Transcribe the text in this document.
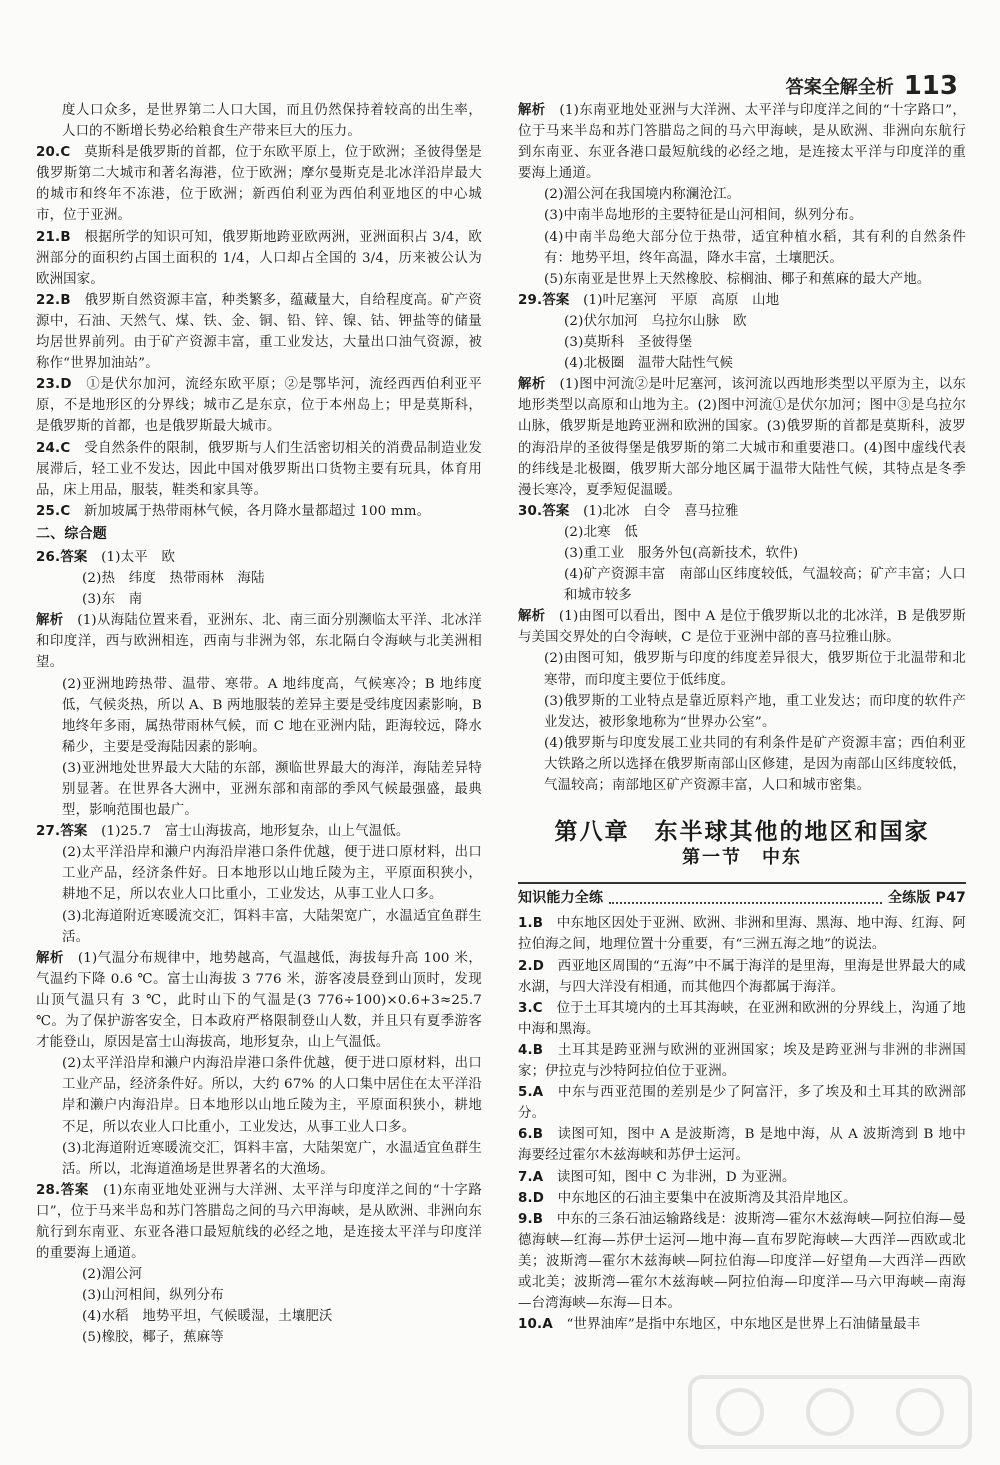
答案全解全析 113

度人口众多，是世界第二人口大国，而且仍然保持着较高的出生率，人口的不断增长势必给粮食生产带来巨大的压力。

20.C　 莫斯科是俄罗斯的首都，位于东欧平原上，位于欧洲；圣彼得堡是俄罗斯第二大城市和著名海港，位于欧洲；摩尔曼斯克是北冰洋沿岸最大的城市和终年不冻港，位于欧洲；新西伯利亚为西伯利亚地区的中心城市，位于亚洲。

21.B　 根据所学的知识可知，俄罗斯地跨亚欧两洲，亚洲面积占 3/4，欧洲部分的面积约占国土面积的 1/4，人口却占全国的 3/4，历来被公认为欧洲国家。

22.B　 俄罗斯自然资源丰富，种类繁多，蕴藏量大，自给程度高。矿产资源中，石油、天然气、煤、铁、金、铜、铅、锌、镍、钴、钾盐等的储量均居世界前列。由于矿产资源丰富，重工业发达，大量出口油气资源，被称作“世界加油站”。

23.D　 ①是伏尔加河，流经东欧平原；②是鄂毕河，流经西西伯利亚平原，不是地形区的分界线；城市乙是东京，位于本州岛上；甲是莫斯科，是俄罗斯的首都，也是俄罗斯最大城市。

24.C　 受自然条件的限制，俄罗斯与人们生活密切相关的消费品制造业发展滞后，轻工业不发达，因此中国对俄罗斯出口货物主要有玩具，体育用品，床上用品，服装，鞋类和家具等。

25.C　 新加坡属于热带雨林气候，各月降水量都超过 100 mm。

二、综合题

26.答案　 (1)太平　欧

(2)热　纬度　热带雨林　海陆

(3)东　南

解析　 (1)从海陆位置来看，亚洲东、北、南三面分别濒临太平洋、北冰洋和印度洋，西与欧洲相连，西南与非洲为邻，东北隔白令海峡与北美洲相望。

(2)亚洲地跨热带、温带、寒带。A 地纬度高，气候寒冷；B 地纬度低，气候炎热，所以 A、B 两地服装的差异主要是受纬度因素影响，B 地终年多雨，属热带雨林气候，而 C 地在亚洲内陆，距海较远，降水稀少，主要是受海陆因素的影响。

(3)亚洲地处世界最大大陆的东部，濒临世界最大的海洋，海陆差异特别显著。在世界各大洲中，亚洲东部和南部的季风气候最强盛，最典型，影响范围也最广。

27.答案　 (1)25.7　富士山海拔高，地形复杂，山上气温低。

(2)太平洋沿岸和濑户内海沿岸港口条件优越，便于进口原材料，出口工业产品，经济条件好。日本地形以山地丘陵为主，平原面积狭小，耕地不足，所以农业人口比重小，工业发达，从事工业人口多。

(3)北海道附近寒暖流交汇，饵料丰富，大陆架宽广，水温适宜鱼群生活。

解析　 (1)气温分布规律中，地势越高，气温越低，海拔每升高 100 米，气温约下降 0.6 ℃。富士山海拔 3 776 米，游客凌晨登到山顶时，发现山顶气温只有 3 ℃，此时山下的气温是(3 776÷100)×0.6+3≈25.7 ℃。为了保护游客安全，日本政府严格限制登山人数，并且只有夏季游客才能登山，原因是富士山海拔高，地形复杂，山上气温低。

(2)太平洋沿岸和濑户内海沿岸港口条件优越，便于进口原材料，出口工业产品，经济条件好。所以，大约 67% 的人口集中居住在太平洋沿岸和濑户内海沿岸。日本地形以山地丘陵为主，平原面积狭小，耕地不足，所以农业人口比重小，工业发达，从事工业人口多。

(3)北海道附近寒暖流交汇，饵料丰富，大陆架宽广，水温适宜鱼群生活。所以，北海道渔场是世界著名的大渔场。

28.答案　 (1)东南亚地处亚洲与大洋洲、太平洋与印度洋之间的“十字路口”，位于马来半岛和苏门答腊岛之间的马六甲海峡，是从欧洲、非洲向东航行到东南亚、东亚各港口最短航线的必经之地，是连接太平洋与印度洋的重要海上通道。

(2)湄公河

(3)山河相间，纵列分布

(4)水稻　地势平坦，气候暖湿，土壤肥沃

(5)橡胶，椰子，蕉麻等

解析　 (1)东南亚地处亚洲与大洋洲、太平洋与印度洋之间的“十字路口”，位于马来半岛和苏门答腊岛之间的马六甲海峡，是从欧洲、非洲向东航行到东南亚、东亚各港口最短航线的必经之地，是连接太平洋与印度洋的重要海上通道。

(2)湄公河在我国境内称澜沧江。

(3)中南半岛地形的主要特征是山河相间，纵列分布。

(4)中南半岛绝大部分位于热带，适宜种植水稻，其有利的自然条件有：地势平坦，终年高温，降水丰富，土壤肥沃。

(5)东南亚是世界上天然橡胶、棕榈油、椰子和蕉麻的最大产地。

29.答案　 (1)叶尼塞河　平原　高原　山地

(2)伏尔加河　乌拉尔山脉　欧

(3)莫斯科　圣彼得堡

(4)北极圈　温带大陆性气候

解析　 (1)图中河流②是叶尼塞河，该河流以西地形类型以平原为主，以东地形类型以高原和山地为主。(2)图中河流①是伏尔加河；图中③是乌拉尔山脉，俄罗斯是地跨亚洲和欧洲的国家。(3)俄罗斯的首都是莫斯科，波罗的海沿岸的圣彼得堡是俄罗斯的第二大城市和重要港口。(4)图中虚线代表的纬线是北极圈，俄罗斯大部分地区属于温带大陆性气候，其特点是冬季漫长寒冷，夏季短促温暖。

30.答案　 (1)北冰　白令　喜马拉雅

(2)北寒　低

(3)重工业　服务外包(高新技术，软件)

(4)矿产资源丰富　南部山区纬度较低，气温较高；矿产丰富；人口和城市较多

解析　 (1)由图可以看出，图中 A 是位于俄罗斯以北的北冰洋，B 是俄罗斯与美国交界处的白令海峡，C 是位于亚洲中部的喜马拉雅山脉。

(2)由图可知，俄罗斯与印度的纬度差异很大，俄罗斯位于北温带和北寒带，而印度主要位于低纬度。

(3)俄罗斯的工业特点是靠近原料产地，重工业发达；而印度的软件产业发达，被形象地称为“世界办公室”。

(4)俄罗斯与印度发展工业共同的有利条件是矿产资源丰富；西伯利亚大铁路之所以选择在俄罗斯南部山区修建，是因为南部山区纬度较低，气温较高；南部地区矿产资源丰富，人口和城市密集。

第八章　东半球其他的地区和国家
第一节　中东
知识能力全练	全练版 P47

1.B　 中东地区因处于亚洲、欧洲、非洲和里海、黑海、地中海、红海、阿拉伯海之间，地理位置十分重要，有“三洲五海之地”的说法。

2.D　 西亚地区周围的“五海”中不属于海洋的是里海，里海是世界最大的咸水湖，与四大洋没有相通，而其他四个海都属于海洋。

3.C　 位于土耳其境内的土耳其海峡，在亚洲和欧洲的分界线上，沟通了地中海和黑海。

4.B　 土耳其是跨亚洲与欧洲的亚洲国家；埃及是跨亚洲与非洲的非洲国家；伊拉克与沙特阿拉伯位于亚洲。

5.A　 中东与西亚范围的差别是少了阿富汗，多了埃及和土耳其的欧洲部分。

6.B　 读图可知，图中 A 是波斯湾，B 是地中海，从 A 波斯湾到 B 地中海要经过霍尔木兹海峡和苏伊士运河。

7.A　 读图可知，图中 C 为非洲，D 为亚洲。

8.D　 中东地区的石油主要集中在波斯湾及其沿岸地区。

9.B　 中东的三条石油运输路线是：波斯湾—霍尔木兹海峡—阿拉伯海—曼德海峡—红海—苏伊士运河—地中海—直布罗陀海峡—大西洋—西欧或北美；波斯湾—霍尔木兹海峡—阿拉伯海—印度洋—好望角—大西洋—西欧或北美；波斯湾—霍尔木兹海峡—阿拉伯海—印度洋—马六甲海峡—南海—台湾海峡—东海—日本。

10.A　 “世界油库”是指中东地区，中东地区是世界上石油储量最丰
